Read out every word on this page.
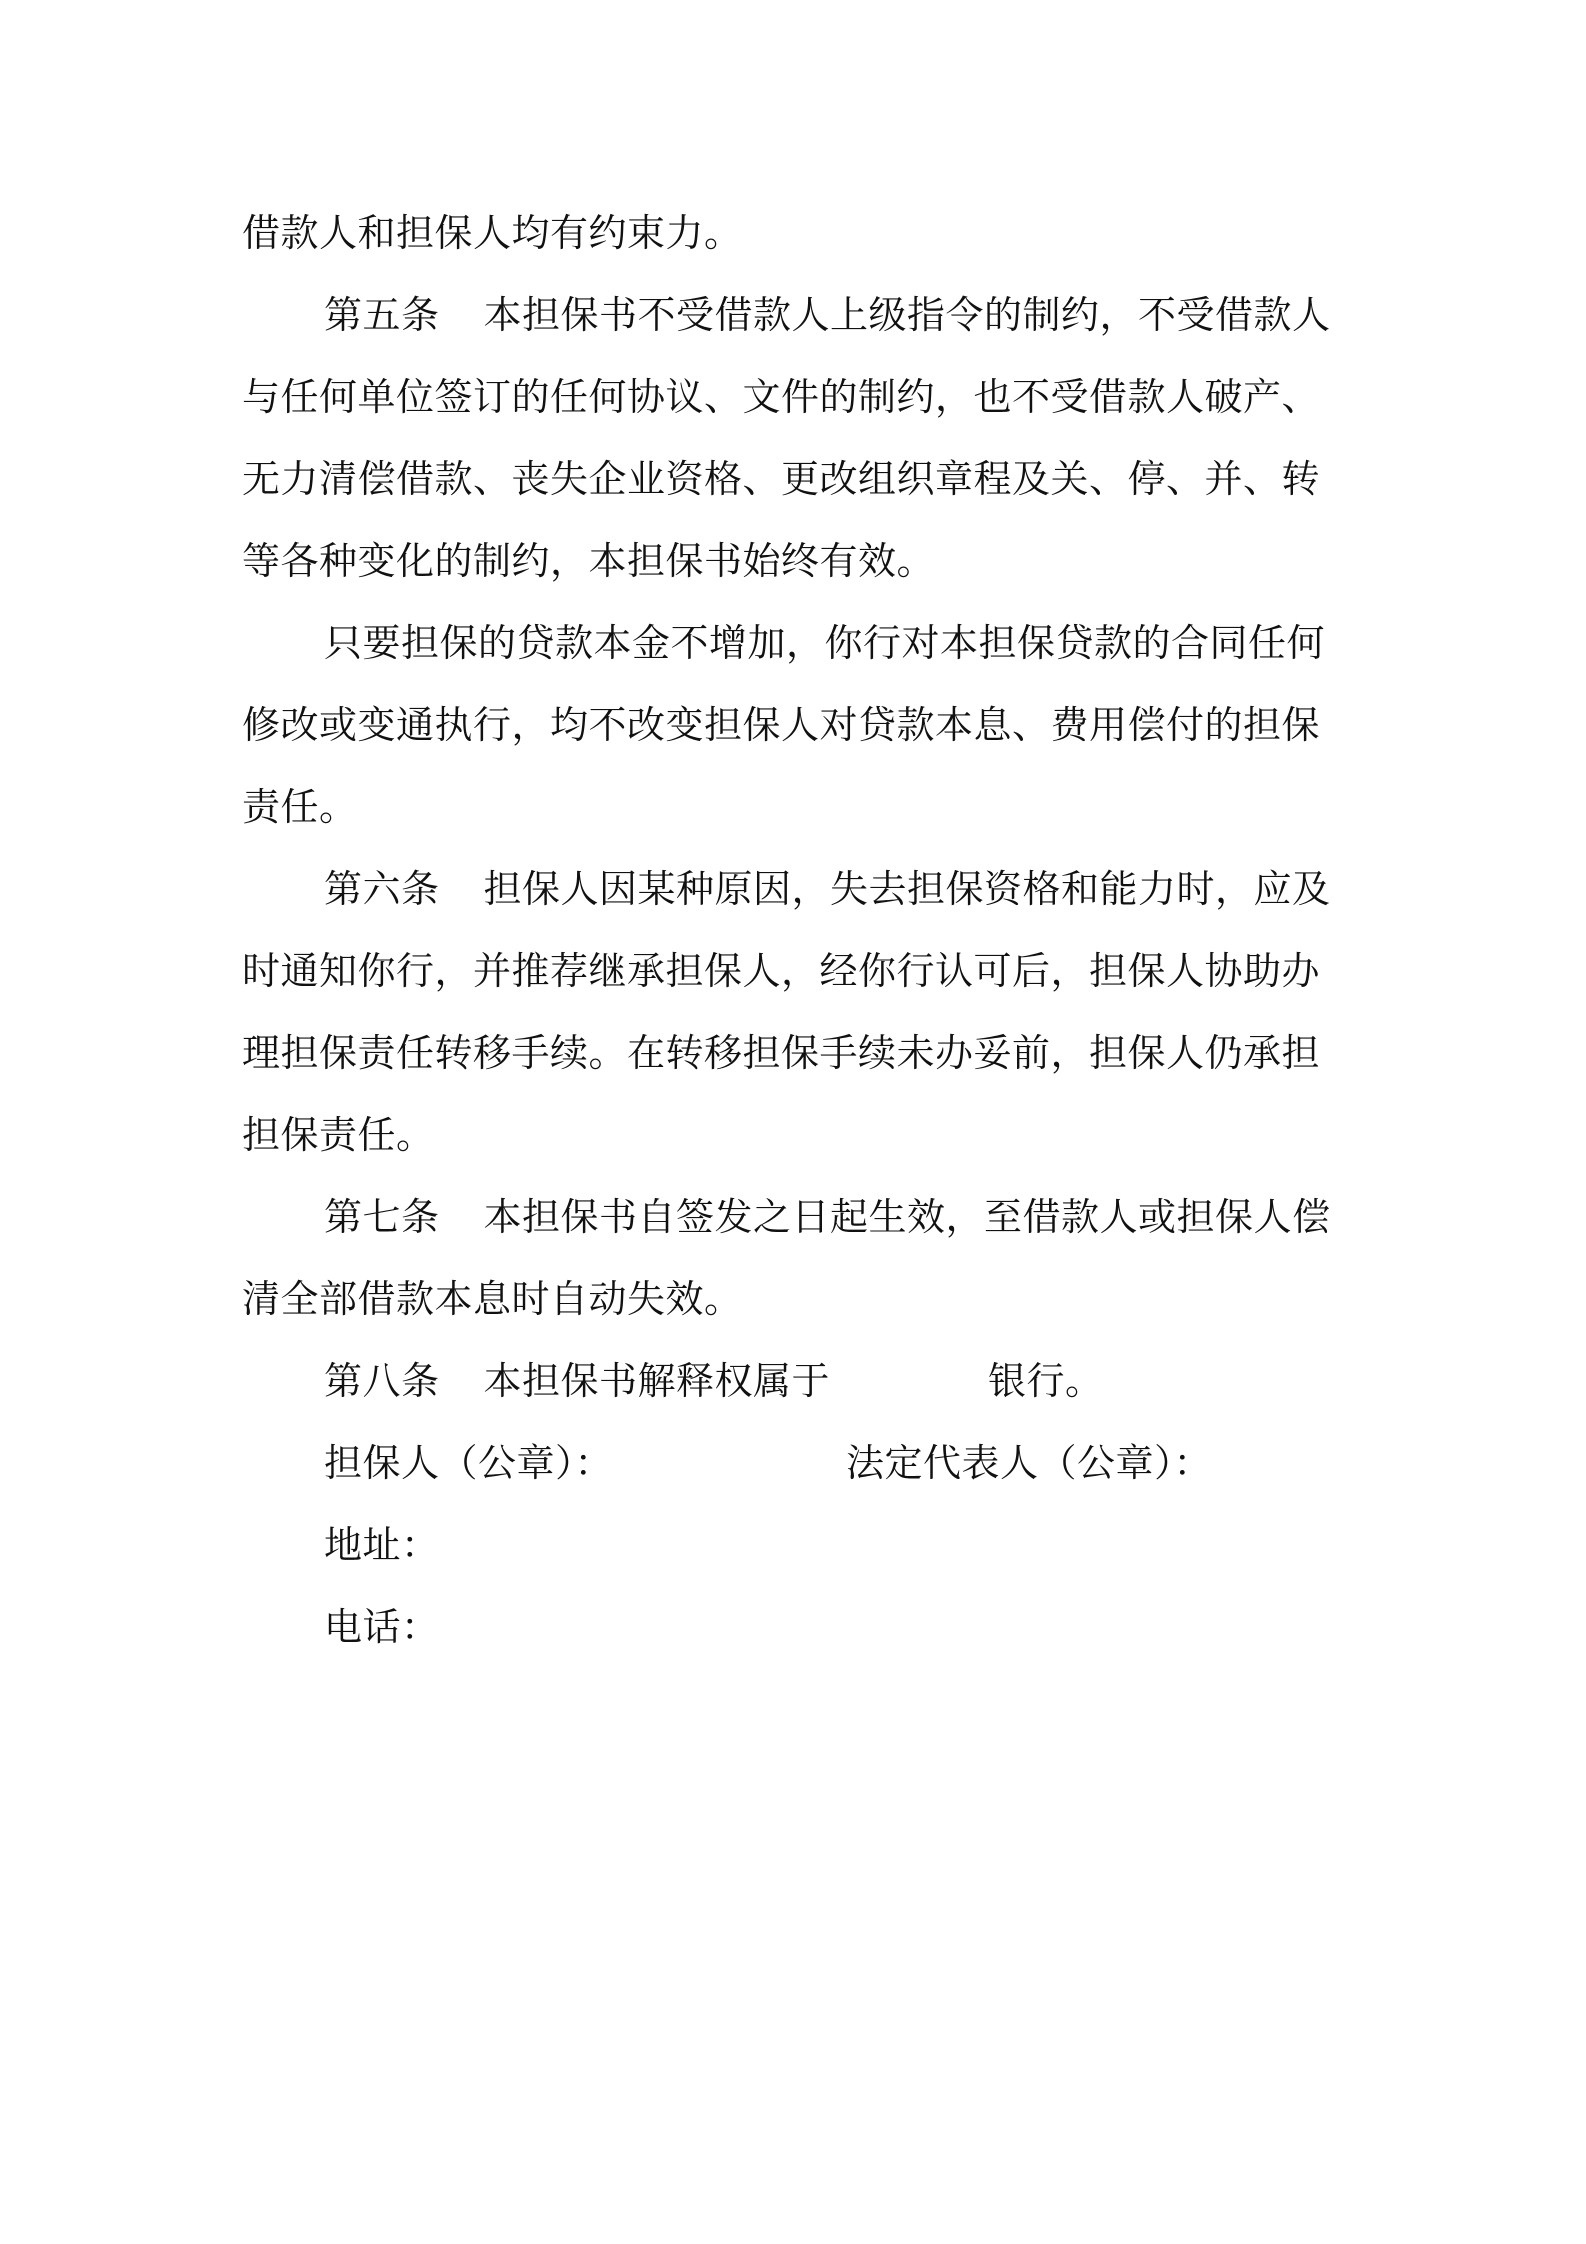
借款人和担保人均有约束力。
第五条 本担保书不受借款人上级指令的制约，不受借款人
与任何单位签订的任何协议、文件的制约，也不受借款人破产、
无力清偿借款、丧失企业资格、更改组织章程及关、停、并、转
等各种变化的制约，本担保书始终有效。
只要担保的贷款本金不增加，你行对本担保贷款的合同任何
修改或变通执行，均不改变担保人对贷款本息、费用偿付的担保
责任。
第六条 担保人因某种原因，失去担保资格和能力时，应及
时通知你行，并推荐继承担保人，经你行认可后，担保人协助办
理担保责任转移手续。在转移担保手续未办妥前，担保人仍承担
担保责任。
第七条 本担保书自签发之日起生效，至借款人或担保人偿
清全部借款本息时自动失效。
第八条 本担保书解释权属于	银行。
担保人（公章）：	法定代表人（公章）：
地址：
电话：
